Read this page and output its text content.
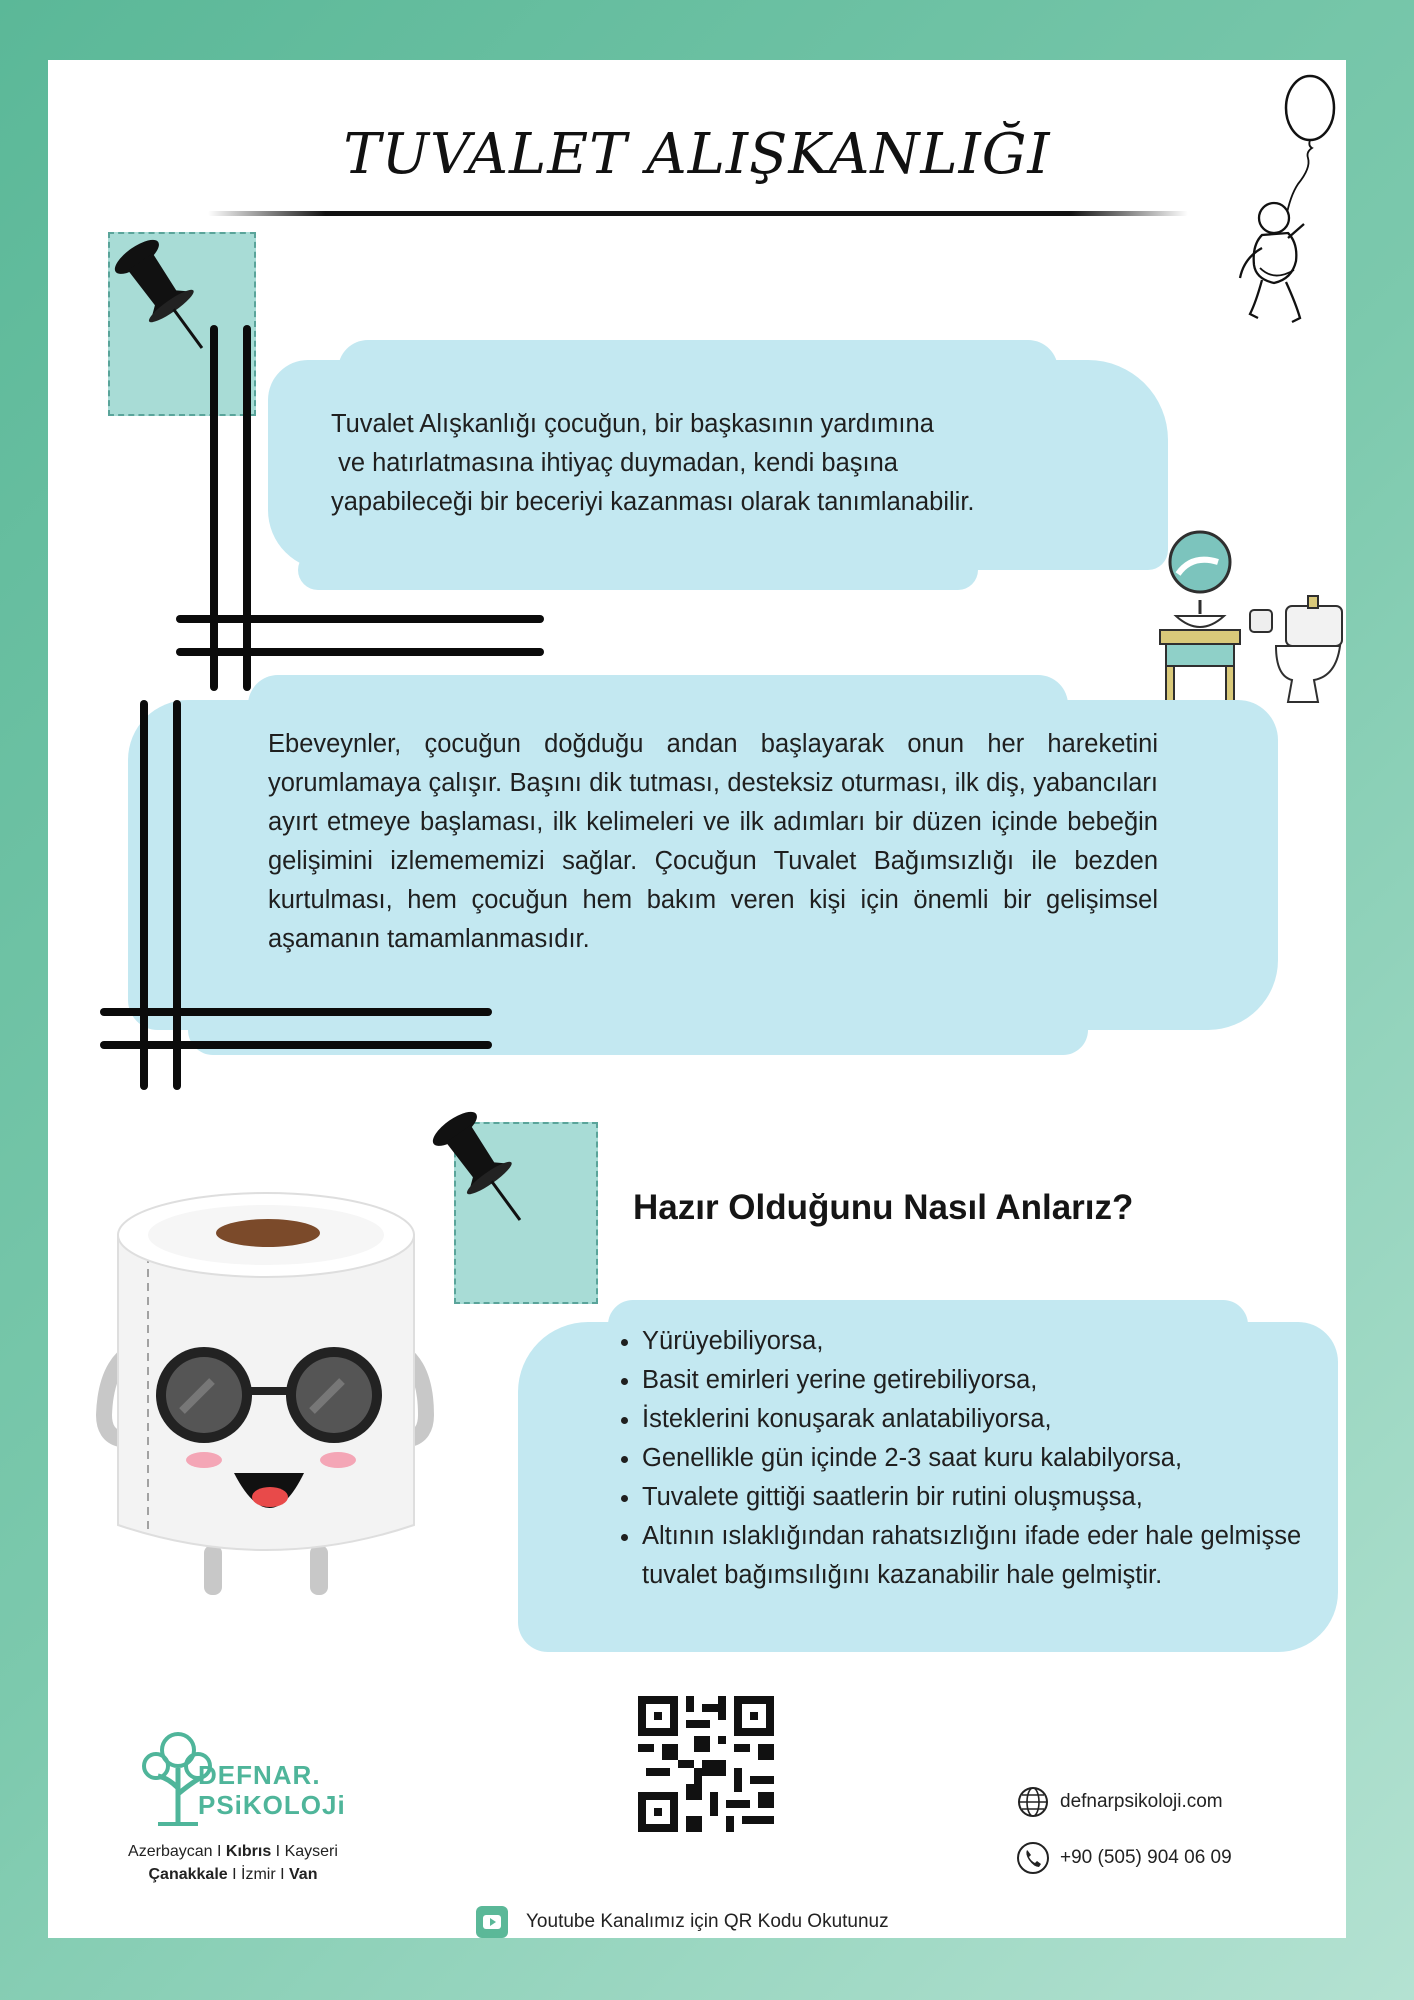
TUVALET ALIŞKANLIĞI
Tuvalet Alışkanlığı çocuğun, bir başkasının yardımına
ve hatırlatmasına ihtiyaç duymadan, kendi başına
yapabileceği bir beceriyi kazanması olarak tanımlanabilir.
Ebeveynler, çocuğun doğduğu andan başlayarak onun her hareketini yorumlamaya çalışır. Başını dik tutması, desteksiz oturması, ilk diş, yabancıları ayırt etmeye başlaması, ilk kelimeleri ve ilk adımları bir düzen içinde bebeğin gelişimini izlemememizi sağlar. Çocuğun Tuvalet Bağımsızlığı ile bezden kurtulması, hem çocuğun hem bakım veren kişi için önemli bir gelişimsel aşamanın tamamlanmasıdır.
Hazır Olduğunu Nasıl Anlarız?
• Yürüyebiliyorsa,
• Basit emirleri yerine getirebiliyorsa,
• İsteklerini konuşarak anlatabiliyorsa,
• Genellikle gün içinde 2-3 saat kuru kalabilyorsa,
• Tuvalete gittiği saatlerin bir rutini oluşmuşsa,
• Altının ıslaklığından rahatsızlığını ifade eder hale gelmişse tuvalet bağımsılığını kazanabilir hale gelmiştir.
DEFNAR.
PSiKOLOJi
Azerbaycan I Kıbrıs I Kayseri
Çanakkale I İzmir I Van
Youtube Kanalımız için QR Kodu Okutunuz
defnarpsikoloji.com
+90 (505) 904 06 09
